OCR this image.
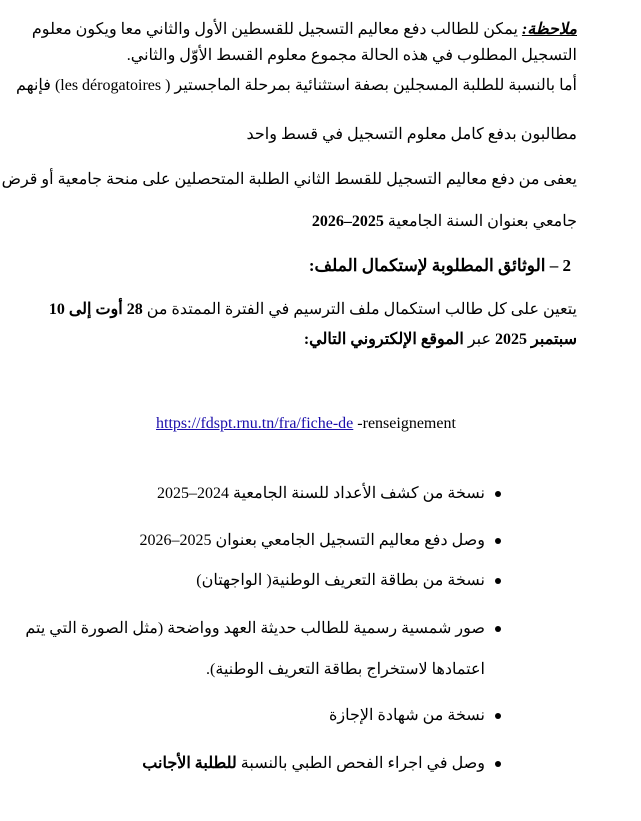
ملاحظة: يمكن للطالب دفع معاليم التسجيل للقسطين الأول والثاني معا ويكون معلوم
التسجيل المطلوب في هذه الحالة مجموع معلوم القسط الأوّل والثاني.
أما بالنسبة للطلبة المسجلين بصفة استثنائية بمرحلة الماجستير ( les dérogatoires) فإنهم
مطالبون بدفع كامل معلوم التسجيل في قسط واحد
يعفى من دفع معاليم التسجيل للقسط الثاني الطلبة المتحصلين على منحة جامعية أو قرض
جامعي بعنوان السنة الجامعية 2025–2026
2 – الوثائق المطلوبة لإستكمال الملف:
يتعين على كل طالب استكمال ملف الترسيم في الفترة الممتدة من 28 أوت إلى 10
سبتمبر 2025 عبر الموقع الإلكتروني التالي:
https://fdspt.rnu.tn/fra/fiche-de -renseignement
نسخة من كشف الأعداد للسنة الجامعية 2024–2025
وصل دفع معاليم التسجيل الجامعي بعنوان 2025–2026
نسخة من بطاقة التعريف الوطنية( الواجهتان)
صور شمسية رسمية للطالب حديثة العهد وواضحة (مثل الصورة التي يتم
اعتمادها لاستخراج بطاقة التعريف الوطنية).
نسخة من شهادة الإجازة
وصل في اجراء الفحص الطبي بالنسبة للطلبة الأجانب
